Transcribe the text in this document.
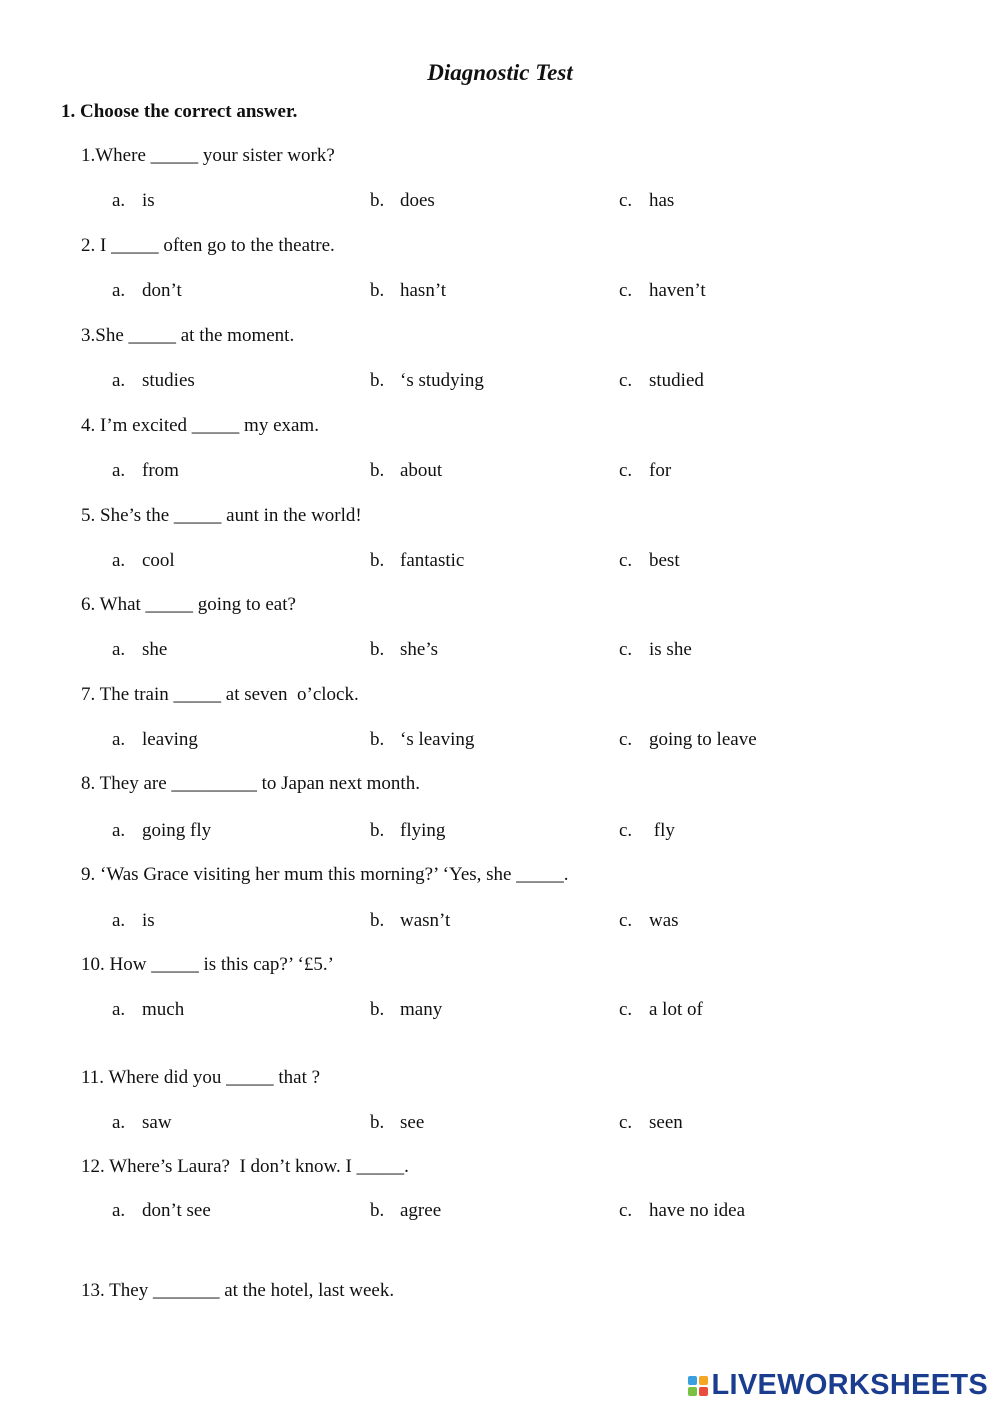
Diagnostic Test
1. Choose the correct answer.
1.Where _____ your sister work?
a. is	b. does	c. has
2. I _____ often go to the theatre.
a. don’t	b. hasn’t	c. haven’t
3.She _____ at the moment.
a. studies	b. ‘s studying	c. studied
4. I’m excited _____ my exam.
a. from	b. about	c. for
5. She’s the _____ aunt in the world!
a. cool	b. fantastic	c. best
6. What _____ going to eat?
a. she	b. she’s	c. is she
7. The train _____ at seven  o’clock.
a. leaving	b. ‘s leaving	c. going to leave
8. They are _________ to Japan next month.
a. going fly	b. flying	c. fly
9. ‘Was Grace visiting her mum this morning?’ ‘Yes, she _____.
a. is	b. wasn’t	c. was
10. How _____ is this cap?’ ‘£5.’
a. much	b. many	c. a lot of
11. Where did you _____ that ?
a. saw	b. see	c. seen
12. Where’s Laura?  I don’t know. I _____.
a. don’t see	b. agree	c. have no idea
13. They _______ at the hotel, last week.
LIVEWORKSHEETS
